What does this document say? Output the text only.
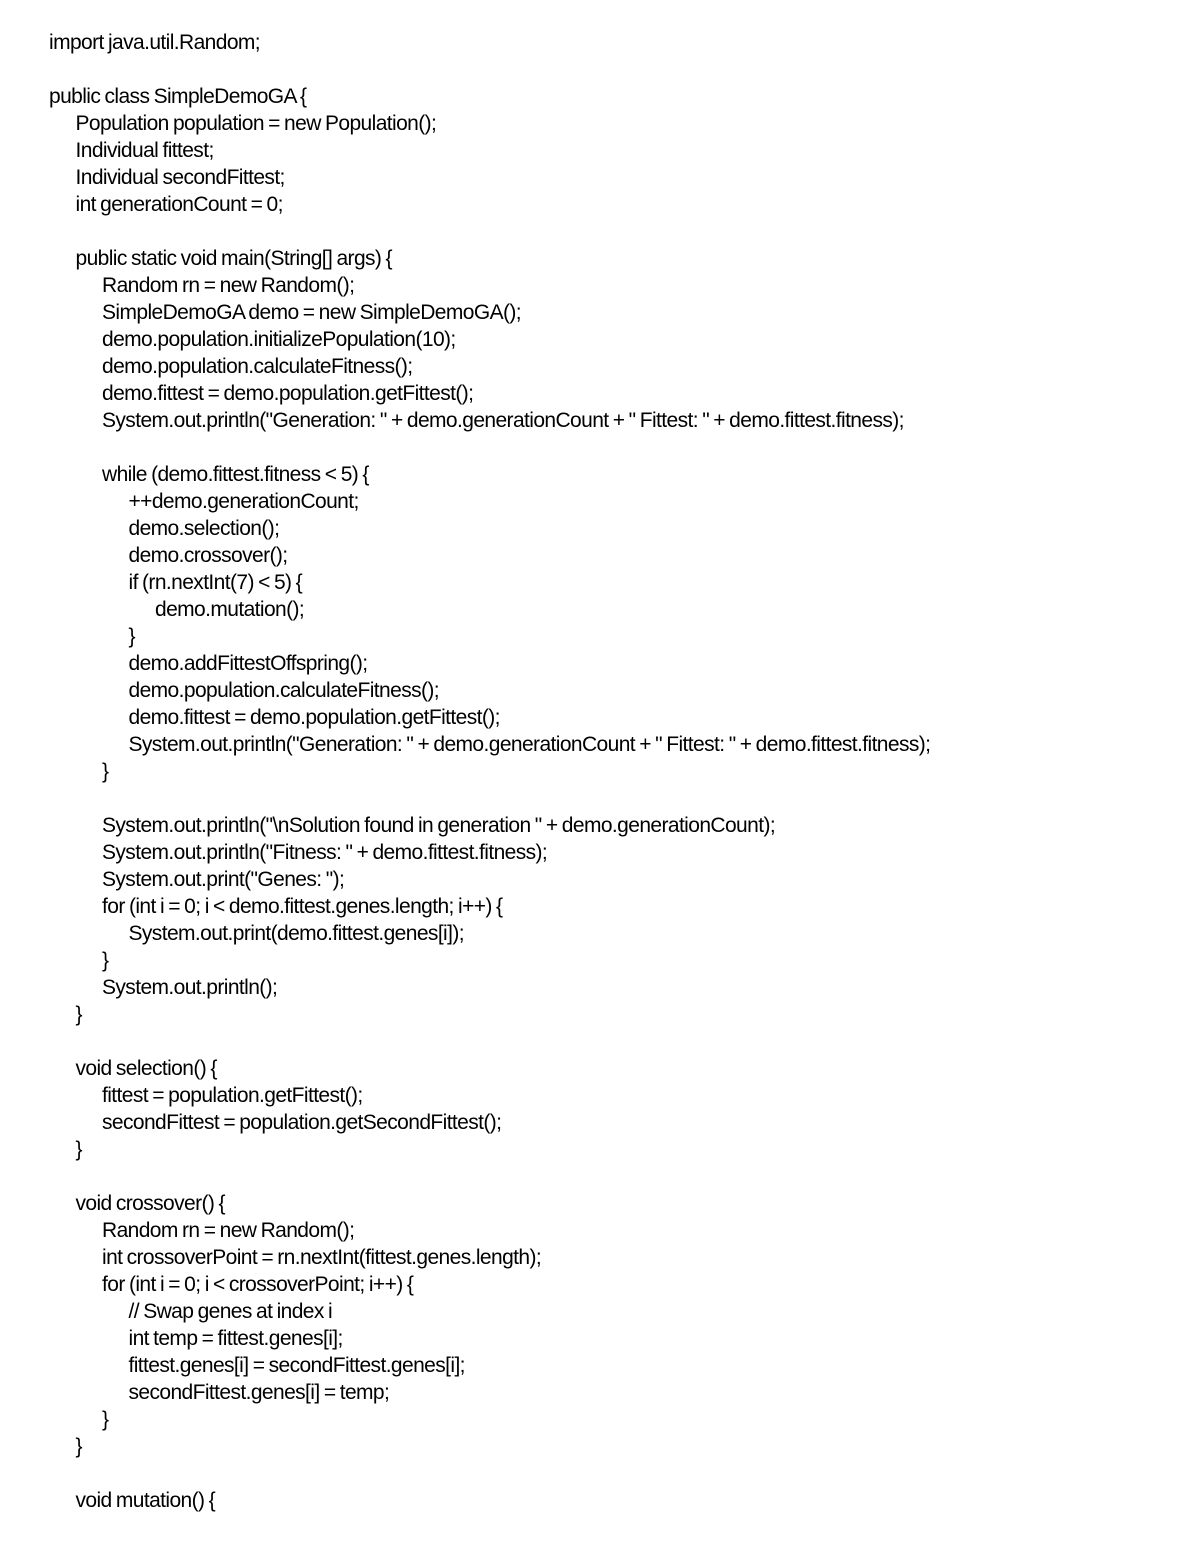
import java.util.Random;
public class SimpleDemoGA {
Population population = new Population();
Individual fittest;
Individual secondFittest;
int generationCount = 0;
public static void main(String[] args) {
Random rn = new Random();
SimpleDemoGA demo = new SimpleDemoGA();
demo.population.initializePopulation(10);
demo.population.calculateFitness();
demo.fittest = demo.population.getFittest();
System.out.println("Generation: " + demo.generationCount + " Fittest: " + demo.fittest.fitness);
while (demo.fittest.fitness < 5) {
++demo.generationCount;
demo.selection();
demo.crossover();
if (rn.nextInt(7) < 5) {
demo.mutation();
}
demo.addFittestOffspring();
demo.population.calculateFitness();
demo.fittest = demo.population.getFittest();
System.out.println("Generation: " + demo.generationCount + " Fittest: " + demo.fittest.fitness);
}
System.out.println("\nSolution found in generation " + demo.generationCount);
System.out.println("Fitness: " + demo.fittest.fitness);
System.out.print("Genes: ");
for (int i = 0; i < demo.fittest.genes.length; i++) {
System.out.print(demo.fittest.genes[i]);
}
System.out.println();
}
void selection() {
fittest = population.getFittest();
secondFittest = population.getSecondFittest();
}
void crossover() {
Random rn = new Random();
int crossoverPoint = rn.nextInt(fittest.genes.length);
for (int i = 0; i < crossoverPoint; i++) {
// Swap genes at index i
int temp = fittest.genes[i];
fittest.genes[i] = secondFittest.genes[i];
secondFittest.genes[i] = temp;
}
}
void mutation() {
